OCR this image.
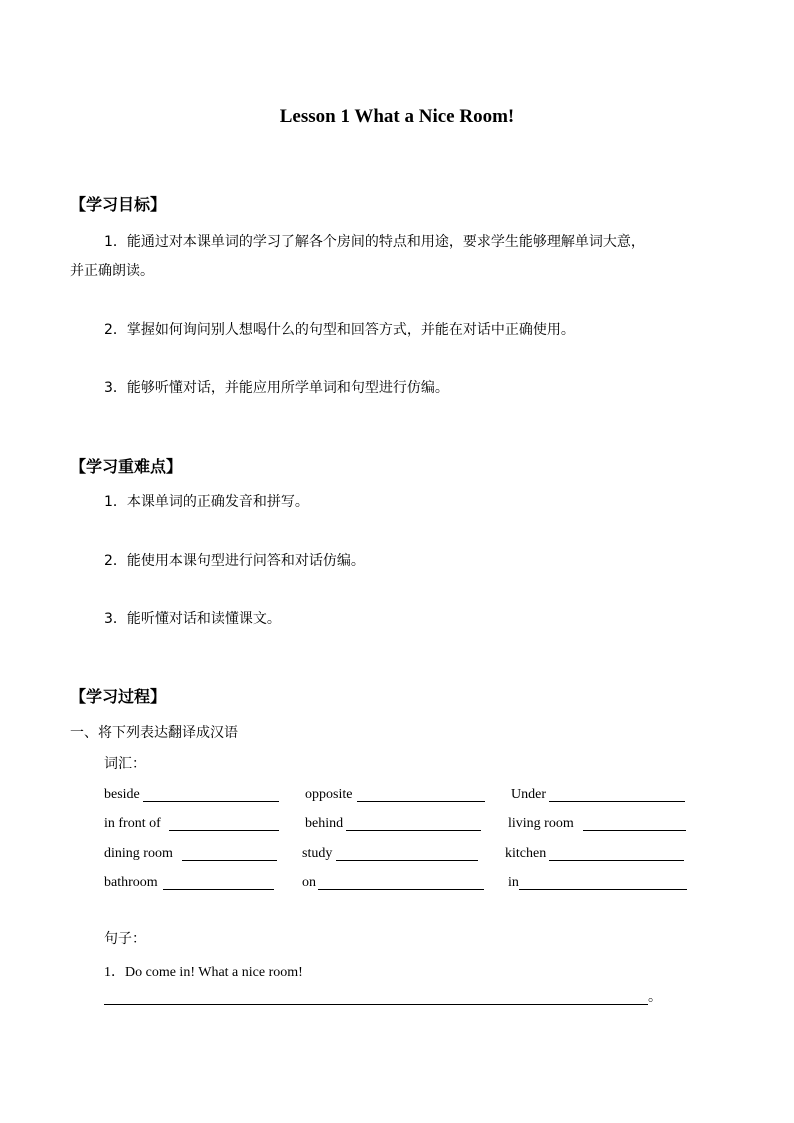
Lesson 1 What a Nice Room!
【学习目标】
1．能通过对本课单词的学习了解各个房间的特点和用途，要求学生能够理解单词大意，
并正确朗读。
2．掌握如何询问别人想喝什么的句型和回答方式，并能在对话中正确使用。
3．能够听懂对话，并能应用所学单词和句型进行仿编。
【学习重难点】
1．本课单词的正确发音和拼写。
2．能使用本课句型进行问答和对话仿编。
3．能听懂对话和读懂课文。
【学习过程】
一、将下列表达翻译成汉语
词汇：
beside	opposite	Under
in front of	behind	living room
dining room	study	kitchen
bathroom	on	in
句子：
1．Do come in! What a nice room!
。
